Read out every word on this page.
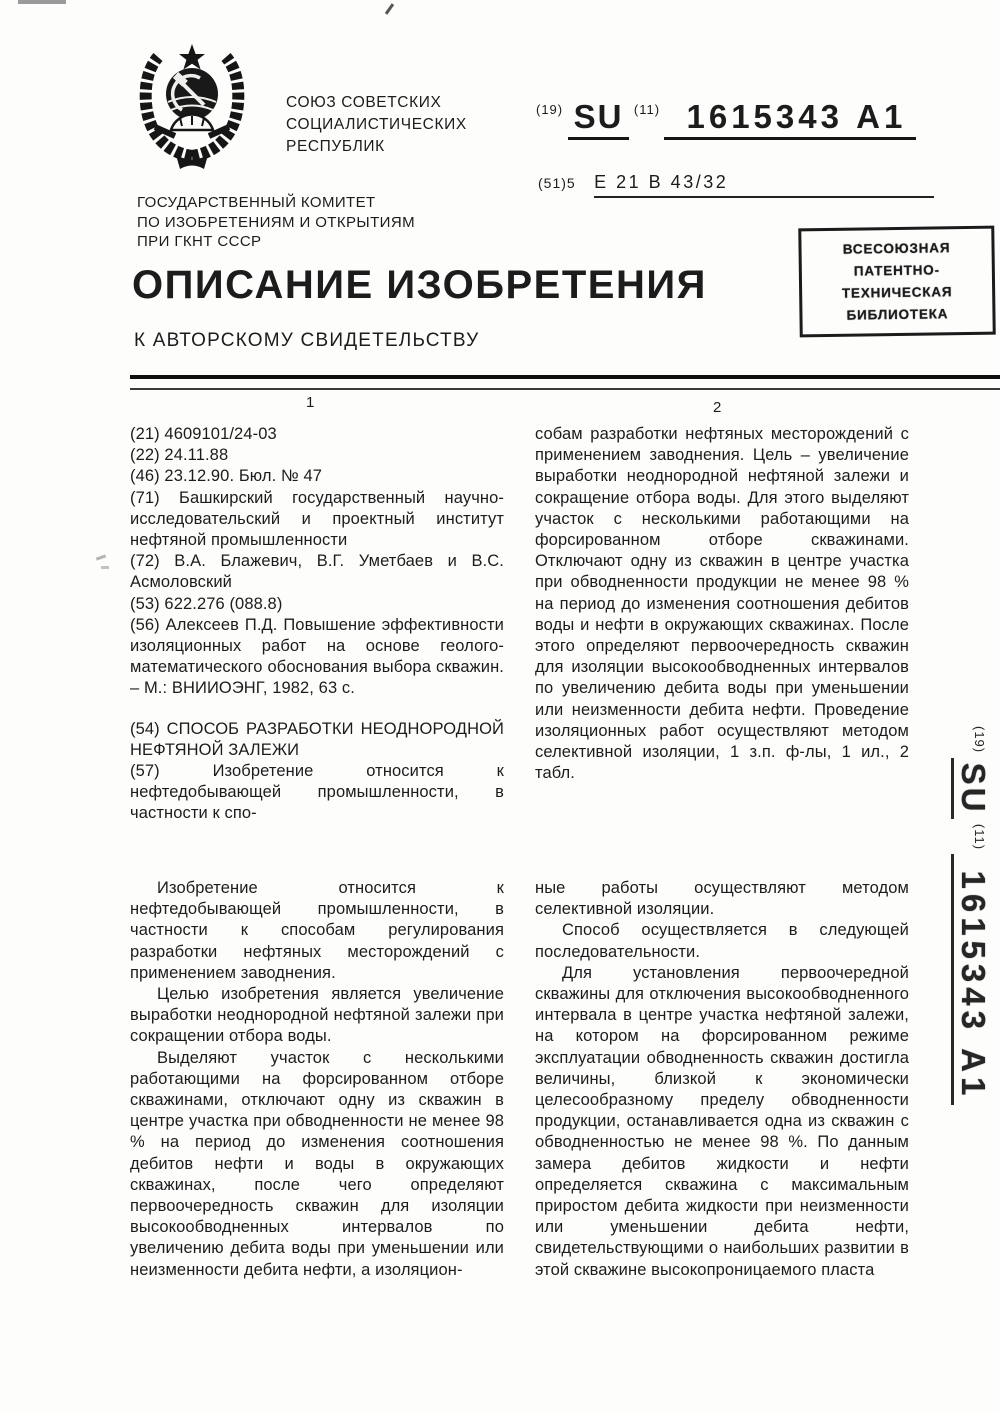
СОЮЗ СОВЕТСКИХ
СОЦИАЛИСТИЧЕСКИХ
РЕСПУБЛИК
ГОСУДАРСТВЕННЫЙ КОМИТЕТ
ПО ИЗОБРЕТЕНИЯМ И ОТКРЫТИЯМ
ПРИ ГКНТ СССР
$^{(19)}$ SU $^{(11)}$ 1615343 А1
(51)5 Е 21 В 43/32
ВСЕСОЮЗНАЯ
ПАТЕНТНО-ТЕХНИЧЕСКАЯ
БИБЛИОТЕКА
ОПИСАНИЕ ИЗОБРЕТЕНИЯ
К АВТОРСКОМУ СВИДЕТЕЛЬСТВУ
1	2

(21) 4609101/24-03

(22) 24.11.88

(46) 23.12.90. Бюл. № 47

(71) Башкирский государственный научно-исследовательский и проектный институт нефтяной промышленности

(72) В.А. Блажевич, В.Г. Уметбаев и В.С. Асмоловский

(53) 622.276 (088.8)

(56) Алексеев П.Д. Повышение эффективности изоляционных работ на основе геолого-математического обоснования выбора скважин. – М.: ВНИИОЭНГ, 1982, 63 с.

(54) СПОСОБ РАЗРАБОТКИ НЕОДНОРОДНОЙ НЕФТЯНОЙ ЗАЛЕЖИ

(57) Изобретение относится к нефтедобывающей промышленности, в частности к спо-

собам разработки нефтяных месторождений с применением заводнения. Цель – увеличение выработки неоднородной нефтяной залежи и сокращение отбора воды. Для этого выделяют участок с несколькими работающими на форсированном отборе скважинами. Отключают одну из скважин в центре участка при обводненности продукции не менее 98 % на период до изменения соотношения дебитов воды и нефти в окружающих скважинах. После этого определяют первоочередность скважин для изоляции высокообводненных интервалов по увеличению дебита воды при уменьшении или неизменности дебита нефти. Проведение изоляционных работ осуществляют методом селективной изоляции, 1 з.п. ф-лы, 1 ил., 2 табл.

Изобретение относится к нефтедобывающей промышленности, в частности к способам регулирования разработки нефтяных месторождений с применением заводнения.

Целью изобретения является увеличение выработки неоднородной нефтяной залежи при сокращении отбора воды.

Выделяют участок с несколькими работающими на форсированном отборе скважинами, отключают одну из скважин в центре участка при обводненности не менее 98 % на период до изменения соотношения дебитов нефти и воды в окружающих скважинах, после чего определяют первоочередность скважин для изоляции высокообводненных интервалов по увеличению дебита воды при уменьшении или неизменности дебита нефти, а изоляцион-

ные работы осуществляют методом селективной изоляции.

Способ осуществляется в следующей последовательности.

Для установления первоочередной скважины для отключения высокообводненного интервала в центре участка нефтяной залежи, на котором на форсированном режиме эксплуатации обводненность скважин достигла величины, близкой к экономически целесообразному пределу обводненности продукции, останавливается одна из скважин с обводненностью не менее 98 %. По данным замера дебитов жидкости и нефти определяется скважина с максимальным приростом дебита жидкости при неизменности или уменьшении дебита нефти, свидетельствующими о наибольших развитии в этой скважине высокопроницаемого пласта

$^{(19)}$ SU $^{(11)}$ 1615343 А1
